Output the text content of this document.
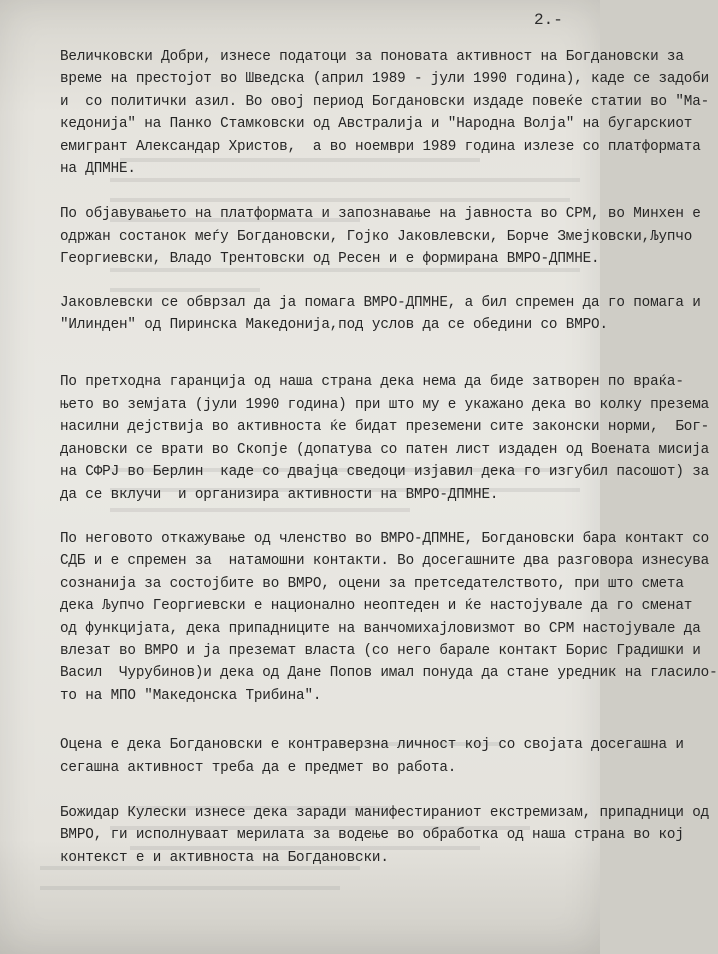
2.-

Величковски Добри, изнесе податоци за поновата активност на Богдановски за
време на престојот во Шведска (април 1989 - јули 1990 година), каде се задоби
и  со политички азил. Во овој период Богдановски издаде повеќе статии во "Ма-
кедонија" на Панко Стамковски од Австралија и "Народна Волја" на бугарскиот
емигрант Александар Христов,  а во ноември 1989 година излезе со платформата
на ДПМНЕ.

По објавувањето на платформата и запознавање на јавноста во СРМ, во Минхен е
одржан состанок меѓу Богдановски, Гојко Јаковлевски, Борче Змејковски,Љупчо
Георгиевски, Владо Трентовски од Ресен и е формирана ВМРО-ДПМНЕ.

Јаковлевски се обврзал да ја помага ВМРО-ДПМНЕ, а бил спремен да го помага и
"Илинден" од Пиринска Македонија,под услов да се обедини со ВМРО.

По претходна гаранција од наша страна дека нема да биде затворен по враќа-
њето во земјата (јули 1990 година) при што му е укажано дека во колку презема
насилни дејствија во активноста ќе бидат преземени сите законски норми,  Бог-
дановски се врати во Скопје (допатува со патен лист издаден од Воената мисија
на СФРЈ во Берлин  каде со двајца сведоци изјавил дека го изгубил пасошот) за
да се вклучи  и организира активности на ВМРО-ДПМНЕ.

По неговото откажување од членство во ВМРО-ДПМНЕ, Богдановски бара контакт со
СДБ и е спремен за  натамошни контакти. Во досегашните два разговора изнесува
сознанија за состојбите во ВМРО, оцени за претседателството, при што смета
дека Љупчо Георгиевски е национално неоптеден и ќе настојувале да го сменат
од функцијата, дека припадниците на ванчомихајловизмот во СРМ настојувале да
влезат во ВМРО и ја преземат власта (со него барале контакт Борис Градишки и
Васил  Чурубинов)и дека од Дане Попов имал понуда да стане уредник на гласило-
то на МПО "Македонска Трибина".

Оцена е дека Богдановски е контраверзна личност кој со својата досегашна и
сегашна активност треба да е предмет во работа.

Божидар Кулески изнесе дека заради манифестираниот екстремизам, припадници од
ВМРО, ги исполнуваат мерилата за водење во обработка од наша страна во кој
контекст е и активноста на Богдановски.
